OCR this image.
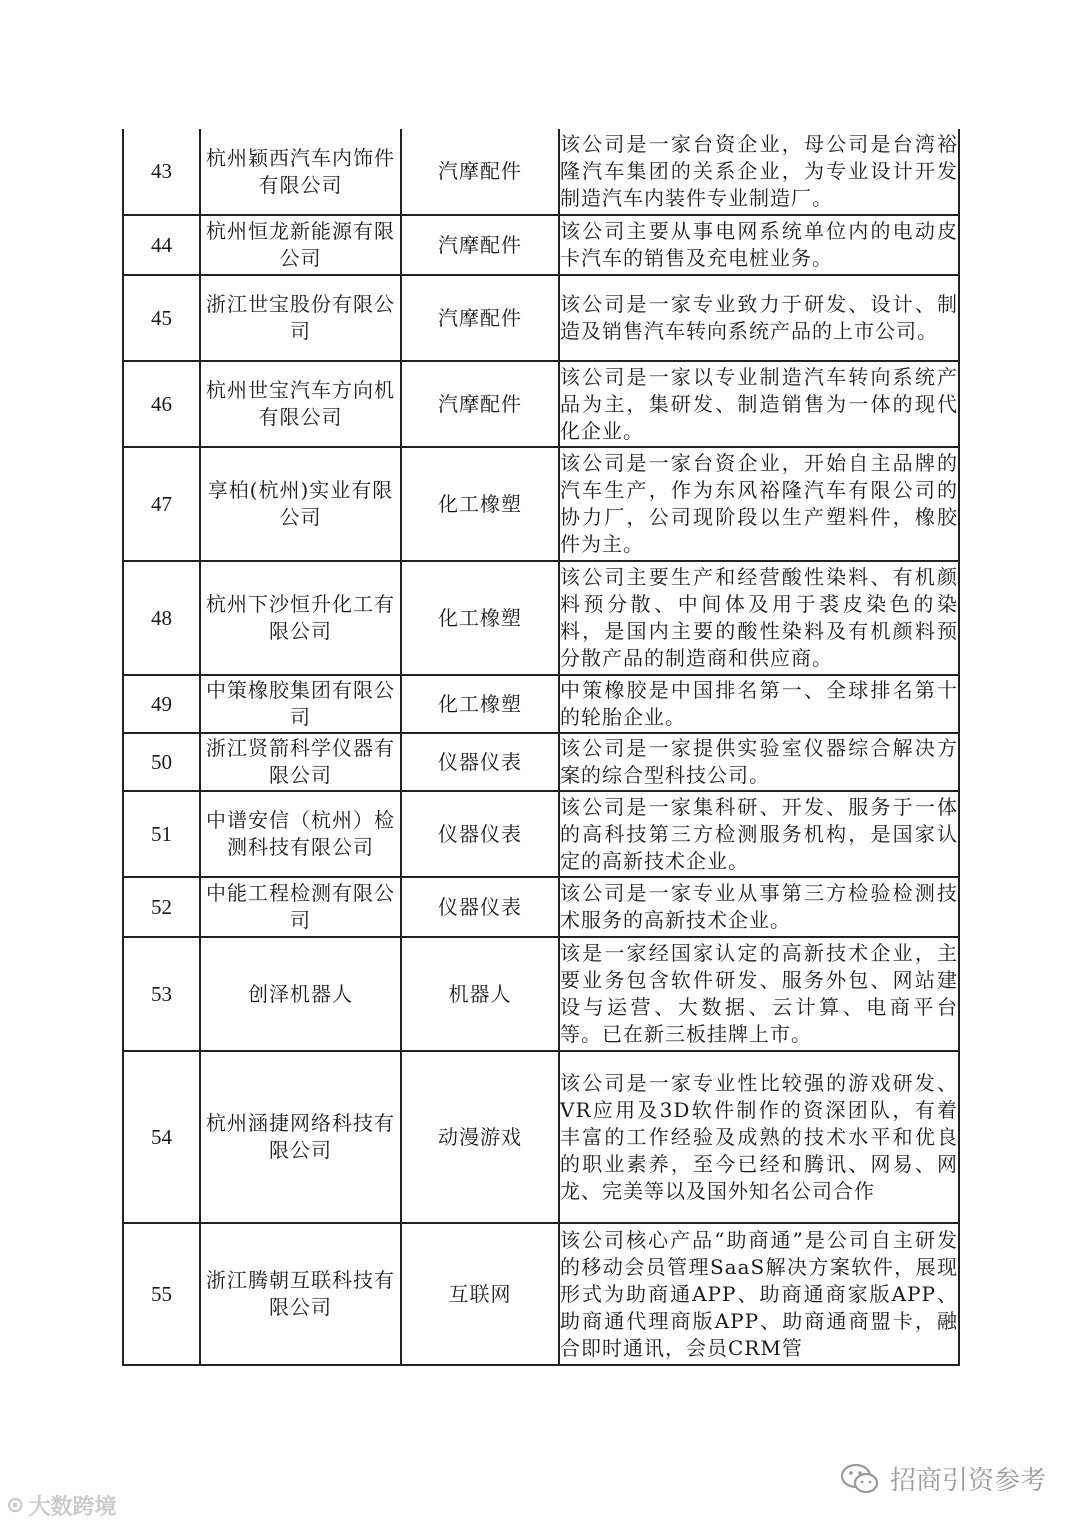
43	杭州颖西汽车内饰件有限公司	汽摩配件	该公司是一家台资企业，母公司是台湾裕隆汽车集团的关系企业，为专业设计开发制造汽车内装件专业制造厂。
44	杭州恒龙新能源有限公司	汽摩配件	该公司主要从事电网系统单位内的电动皮卡汽车的销售及充电桩业务。
45	浙江世宝股份有限公司	汽摩配件	该公司是一家专业致力于研发、设计、制造及销售汽车转向系统产品的上市公司。
46	杭州世宝汽车方向机有限公司	汽摩配件	该公司是一家以专业制造汽车转向系统产品为主，集研发、制造销售为一体的现代化企业。
47	享柏(杭州)实业有限公司	化工橡塑	该公司是一家台资企业，开始自主品牌的汽车生产，作为东风裕隆汽车有限公司的协力厂，公司现阶段以生产塑料件，橡胶件为主。
48	杭州下沙恒升化工有限公司	化工橡塑	该公司主要生产和经营酸性染料、有机颜料预分散、中间体及用于裘皮染色的染料，是国内主要的酸性染料及有机颜料预分散产品的制造商和供应商。
49	中策橡胶集团有限公司	化工橡塑	中策橡胶是中国排名第一、全球排名第十的轮胎企业。
50	浙江贤箭科学仪器有限公司	仪器仪表	该公司是一家提供实验室仪器综合解决方案的综合型科技公司。
51	中谱安信（杭州）检测科技有限公司	仪器仪表	该公司是一家集科研、开发、服务于一体的高科技第三方检测服务机构，是国家认定的高新技术企业。
52	中能工程检测有限公司	仪器仪表	该公司是一家专业从事第三方检验检测技术服务的高新技术企业。
53	创泽机器人	机器人	该是一家经国家认定的高新技术企业，主要业务包含软件研发、服务外包、网站建设与运营、大数据、云计算、电商平台等。已在新三板挂牌上市。
54	杭州涵捷网络科技有限公司	动漫游戏	该公司是一家专业性比较强的游戏研发、VR应用及3D软件制作的资深团队，有着丰富的工作经验及成熟的技术水平和优良的职业素养，至今已经和腾讯、网易、网龙、完美等以及国外知名公司合作
55	浙江腾朝互联科技有限公司	互联网	该公司核心产品“助商通”是公司自主研发的移动会员管理SaaS解决方案软件，展现形式为助商通APP、助商通商家版APP、助商通代理商版APP、助商通商盟卡，融合即时通讯，会员CRM管
⊙ 大数跨境
招商引资参考
